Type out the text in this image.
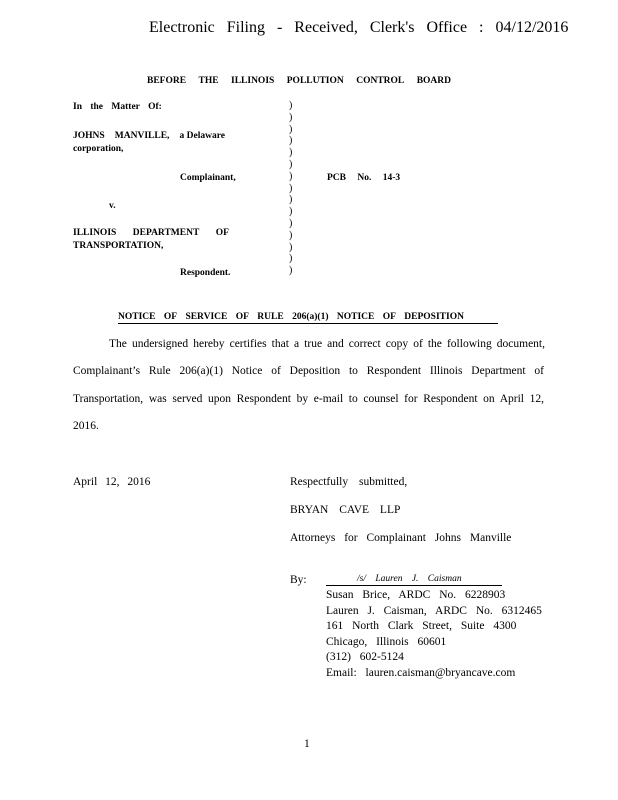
Electronic Filing - Received, Clerk's Office : 04/12/2016
BEFORE THE ILLINOIS POLLUTION CONTROL BOARD
In the Matter Of:
JOHNS MANVILLE, a Delaware
corporation,
Complainant,
v.
ILLINOIS DEPARTMENT OF
TRANSPORTATION,
Respondent.
)
)
)
)
)
)
)
)
)
)
)
)
)
)
)
PCB No. 14-3
NOTICE OF SERVICE OF RULE 206(a)(1) NOTICE OF DEPOSITION
The undersigned hereby certifies that a true and correct copy of the following document,
Complainant’s Rule 206(a)(1) Notice of Deposition to Respondent Illinois Department of
Transportation, was served upon Respondent by e-mail to counsel for Respondent on April 12,
2016.
April 12, 2016	Respectfully submitted,
BRYAN CAVE LLP
Attorneys for Complainant Johns Manville
By:	/s/ Lauren J. Caisman
Susan Brice, ARDC No. 6228903
Lauren J. Caisman, ARDC No. 6312465
161 North Clark Street, Suite 4300
Chicago, Illinois 60601
(312) 602-5124
Email: lauren.caisman@bryancave.com
1
